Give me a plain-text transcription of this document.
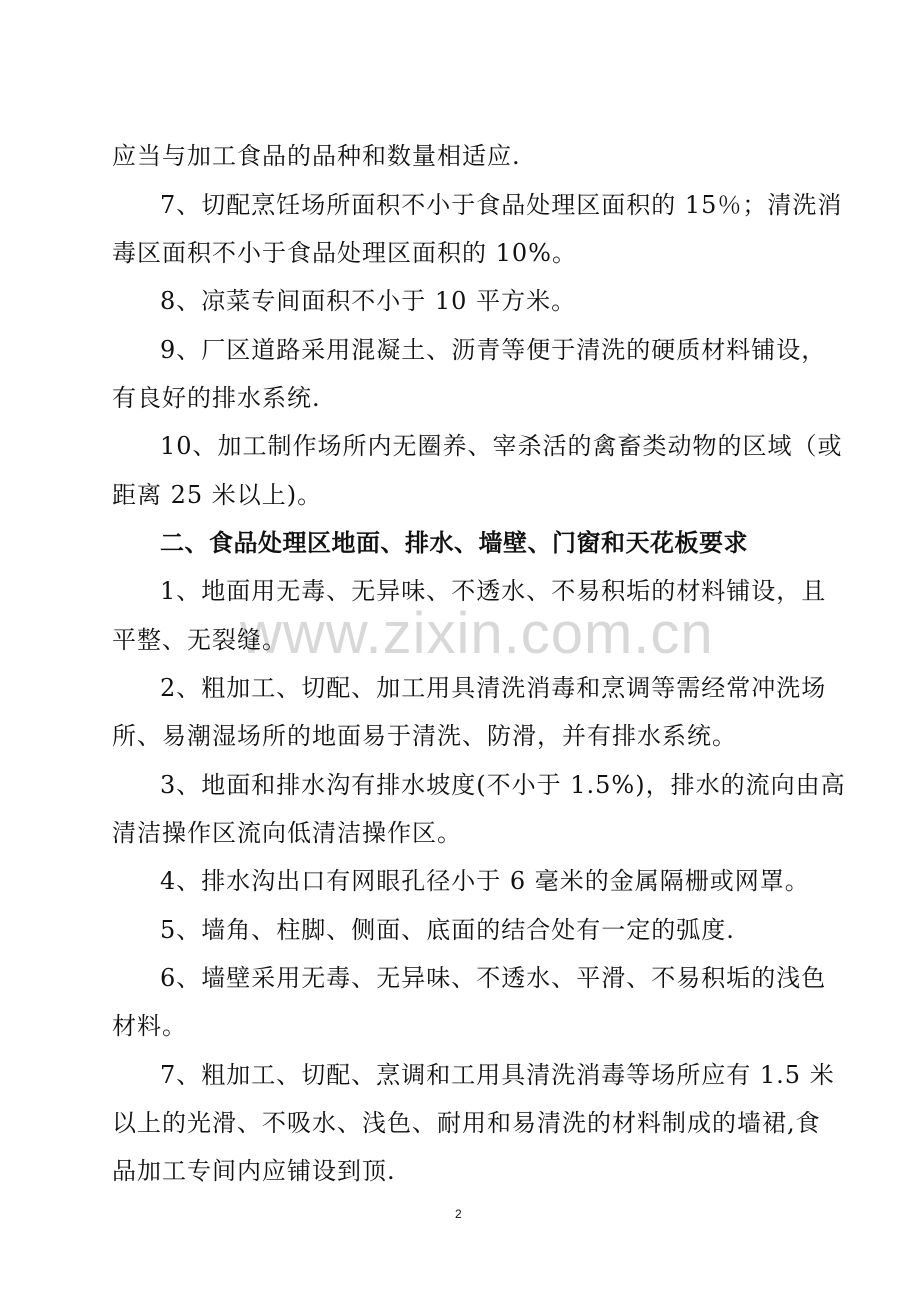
www.zixin.com.cn
应当与加工食品的品种和数量相适应.
7、切配烹饪场所面积不小于食品处理区面积的 15％；清洗消
毒区面积不小于食品处理区面积的 10%。
8、凉菜专间面积不小于 10 平方米。
9、厂区道路采用混凝土、沥青等便于清洗的硬质材料铺设，
有良好的排水系统.
10、加工制作场所内无圈养、宰杀活的禽畜类动物的区域（或
距离 25 米以上)。
二、食品处理区地面、排水、墙壁、门窗和天花板要求
1、地面用无毒、无异味、不透水、不易积垢的材料铺设，且
平整、无裂缝。
2、粗加工、切配、加工用具清洗消毒和烹调等需经常冲洗场
所、易潮湿场所的地面易于清洗、防滑，并有排水系统。
3、地面和排水沟有排水坡度(不小于 1.5%)，排水的流向由高
清洁操作区流向低清洁操作区。
4、排水沟出口有网眼孔径小于 6 毫米的金属隔栅或网罩。
5、墙角、柱脚、侧面、底面的结合处有一定的弧度.
6、墙壁采用无毒、无异味、不透水、平滑、不易积垢的浅色
材料。
7、粗加工、切配、烹调和工用具清洗消毒等场所应有 1.5 米
以上的光滑、不吸水、浅色、耐用和易清洗的材料制成的墙裙,食
品加工专间内应铺设到顶.
2
